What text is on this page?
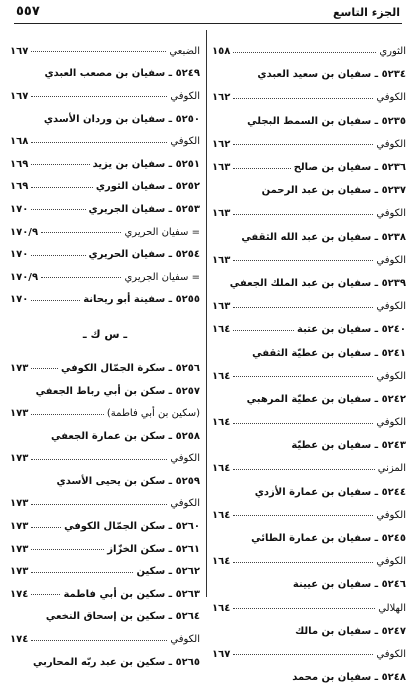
الجزء التاسع
٥٥٧
الثوري
١٥٨
٥٢٣٤ ـ سفيان بن سعيد العبدي
الكوفي
١٦٢
٥٢٣٥ ـ سفيان بن السمط البجلي
الكوفي
١٦٢
٥٢٣٦ ـ سفيان بن صالح
١٦٣
٥٢٣٧ ـ سفيان بن عبد الرحمن
الكوفي
١٦٣
٥٢٣٨ ـ سفيان بن عبد الله الثقفي
الكوفي
١٦٣
٥٢٣٩ ـ سفيان بن عبد الملك الجعفي
الكوفي
١٦٣
٥٢٤٠ ـ سفيان بن عتبة
١٦٤
٥٢٤١ ـ سفيان بن عطيّة الثقفي
الكوفي
١٦٤
٥٢٤٢ ـ سفيان بن عطيّة المرهبي
الكوفي
١٦٤
٥٢٤٣ ـ سفيان بن عطيّة
المزني
١٦٤
٥٢٤٤ ـ سفيان بن عمارة الأزدي
الكوفي
١٦٤
٥٢٤٥ ـ سفيان بن عمارة الطائي
الكوفي
١٦٤
٥٢٤٦ ـ سفيان بن عيينة
الهلالي
١٦٤
٥٢٤٧ ـ سفيان بن مالك
الكوفي
١٦٧
٥٢٤٨ ـ سفيان بن محمد
الضبعي
١٦٧
٥٢٤٩ ـ سفيان بن مصعب العبدي
الكوفي
١٦٧
٥٢٥٠ ـ سفيان بن وردان الأسدي
الكوفي
١٦٨
٥٢٥١ ـ سفيان بن يزيد
١٦٩
٥٢٥٢ ـ سفيان الثوري
١٦٩
٥٢٥٣ ـ سفيان الجريري
١٧٠
= سفيان الحريري
١٧٠/٩
٥٢٥٤ ـ سفيان الحريري
١٧٠
= سفيان الجريري
١٧٠/٩
٥٢٥٥ ـ سفينة أبو ريحانة
١٧٠
ـ س ك ـ
٥٢٥٦ ـ سكرة الجمّال الكوفي
١٧٣
٥٢٥٧ ـ سكن بن أبي رباط الجعفي
(سكين بن أبي فاطمة)
١٧٣
٥٢٥٨ ـ سكن بن عمارة الجعفي
الكوفي
١٧٣
٥٢٥٩ ـ سكن بن يحيى الأسدي
الكوفي
١٧٣
٥٢٦٠ ـ سكن الجمّال الكوفي
١٧٣
٥٢٦١ ـ سكن الخزّاز
١٧٣
٥٢٦٢ ـ سكين
١٧٣
٥٢٦٣ ـ سكين بن أبي فاطمة
١٧٤
٥٢٦٤ ـ سكين بن إسحاق النخعي
الكوفي
١٧٤
٥٢٦٥ ـ سكين بن عبد ربّه المحاربي
